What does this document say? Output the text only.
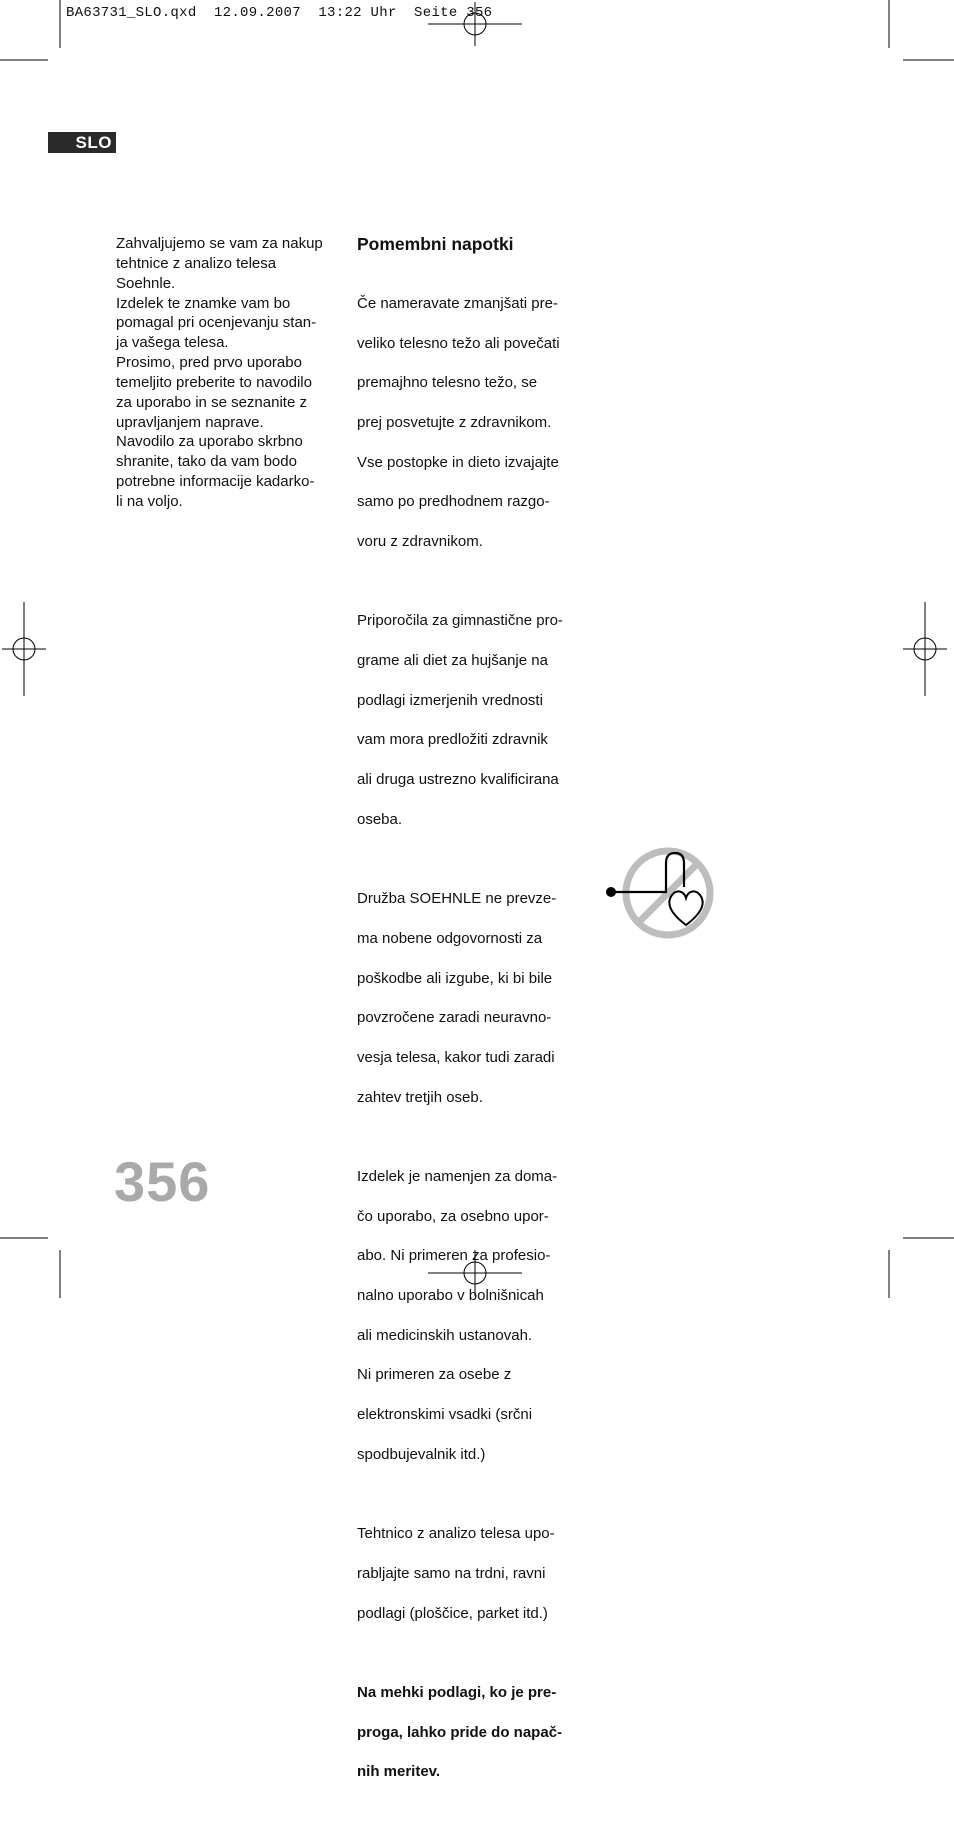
BA63731_SLO.qxd  12.09.2007  13:22 Uhr  Seite 356
SLO
Zahvaljujemo se vam za nakup
tehtnice z analizo telesa
Soehnle.
Izdelek te znamke vam bo
pomagal pri ocenjevanju stan-
ja vašega telesa.
Prosimo, pred prvo uporabo
temeljito preberite to navodilo
za uporabo in se seznanite z
upravljanjem naprave.
Navodilo za uporabo skrbno
shranite, tako da vam bodo
potrebne informacije kadarko-
li na voljo.
Pomembni napotki

Če nameravate zmanjšati pre-

veliko telesno težo ali povečati

premajhno telesno težo, se

prej posvetujte z zdravnikom.

Vse postopke in dieto izvajajte

samo po predhodnem razgo-

voru z zdravnikom.

Priporočila za gimnastične pro-

grame ali diet za hujšanje na

podlagi izmerjenih vrednosti

vam mora predložiti zdravnik

ali druga ustrezno kvalificirana

oseba.

Družba SOEHNLE ne prevze-

ma nobene odgovornosti za

poškodbe ali izgube, ki bi bile

povzročene zaradi neuravno-

vesja telesa, kakor tudi zaradi

zahtev tretjih oseb.

Izdelek je namenjen za doma-

čo uporabo, za osebno upor-

abo. Ni primeren za profesio-

nalno uporabo v bolnišnicah

ali medicinskih ustanovah.

Ni primeren za osebe z

elektronskimi vsadki (srčni

spodbujevalnik itd.)

Tehtnico z analizo telesa upo-

rabljajte samo na trdni, ravni

podlagi (ploščice, parket itd.)

Na mehki podlagi, ko je pre-

proga, lahko pride do napač-

nih meritev.

356
